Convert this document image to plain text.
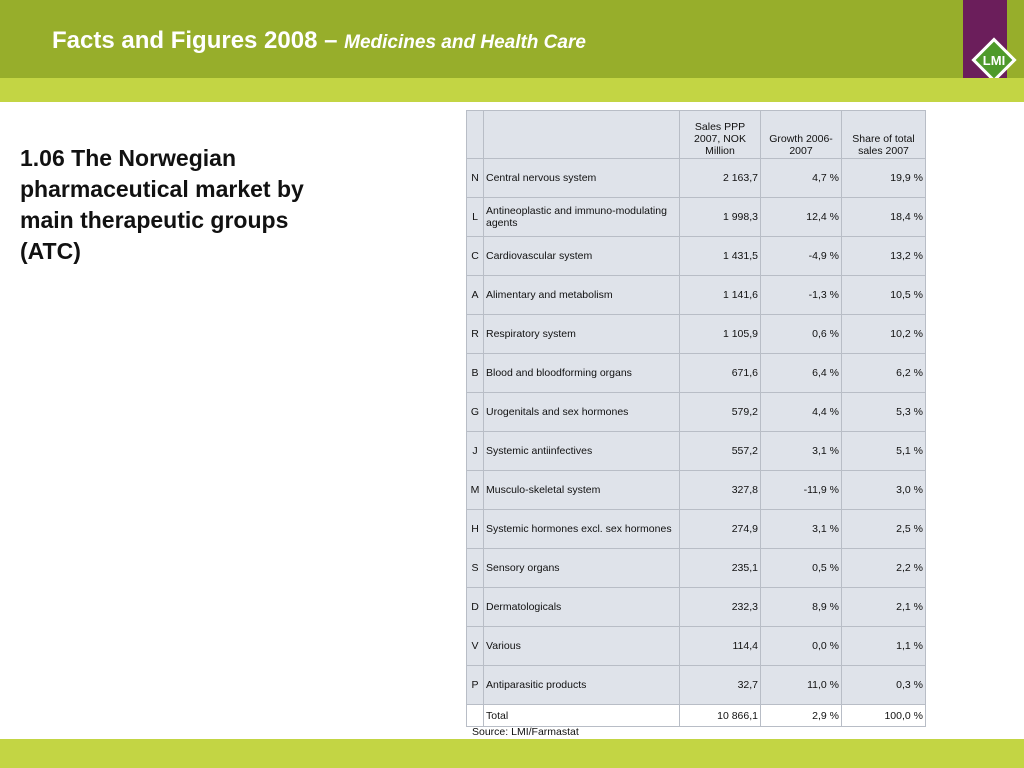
Facts and Figures 2008 – Medicines and Health Care
LMI
1.06 The Norwegian pharmaceutical market by main therapeutic groups (ATC)
		Sales PPP 2007, NOK Million	Growth 2006-2007	Share of total sales 2007
N	Central nervous system	2 163,7	4,7 %	19,9 %
L	Antineoplastic and immuno-modulating agents	1 998,3	12,4 %	18,4 %
C	Cardiovascular system	1 431,5	-4,9 %	13,2 %
A	Alimentary and metabolism	1 141,6	-1,3 %	10,5 %
R	Respiratory system	1 105,9	0,6 %	10,2 %
B	Blood and bloodforming organs	671,6	6,4 %	6,2 %
G	Urogenitals and sex hormones	579,2	4,4 %	5,3 %
J	Systemic antiinfectives	557,2	3,1 %	5,1 %
M	Musculo-skeletal system	327,8	-11,9 %	3,0 %
H	Systemic hormones excl. sex hormones	274,9	3,1 %	2,5 %
S	Sensory organs	235,1	0,5 %	2,2 %
D	Dermatologicals	232,3	8,9 %	2,1 %
V	Various	114,4	0,0 %	1,1 %
P	Antiparasitic products	32,7	11,0 %	0,3 %
	Total	10 866,1	2,9 %	100,0 %
Source: LMI/Farmastat
